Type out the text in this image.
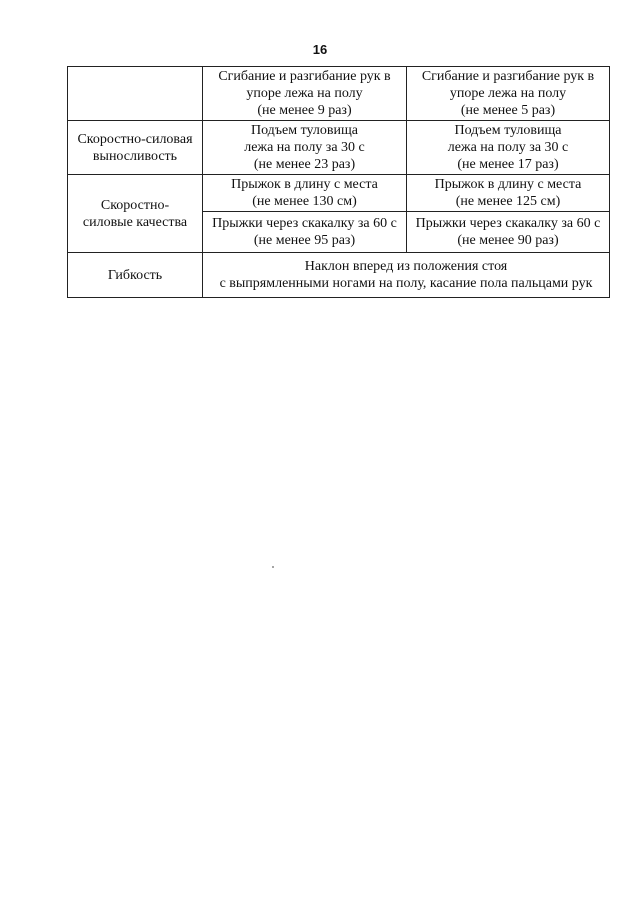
16
	Сгибание и разгибание рук в
упоре лежа на полу
(не менее 9 раз)	Сгибание и разгибание рук в
упоре лежа на полу
(не менее 5 раз)
Скоростно-силовая
выносливость	Подъем туловища
лежа на полу за 30 с
(не менее 23 раз)	Подъем туловища
лежа на полу за 30 с
(не менее 17 раз)
Скоростно-
силовые качества	Прыжок в длину с места
(не менее 130 см)	Прыжок в длину с места
(не менее 125 см)
	Прыжки через скакалку за 60 с
(не менее 95 раз)	Прыжки через скакалку за 60 с
(не менее 90 раз)
Гибкость	Наклон вперед из положения стоя
с выпрямленными ногами на полу, касание пола пальцами рук	
